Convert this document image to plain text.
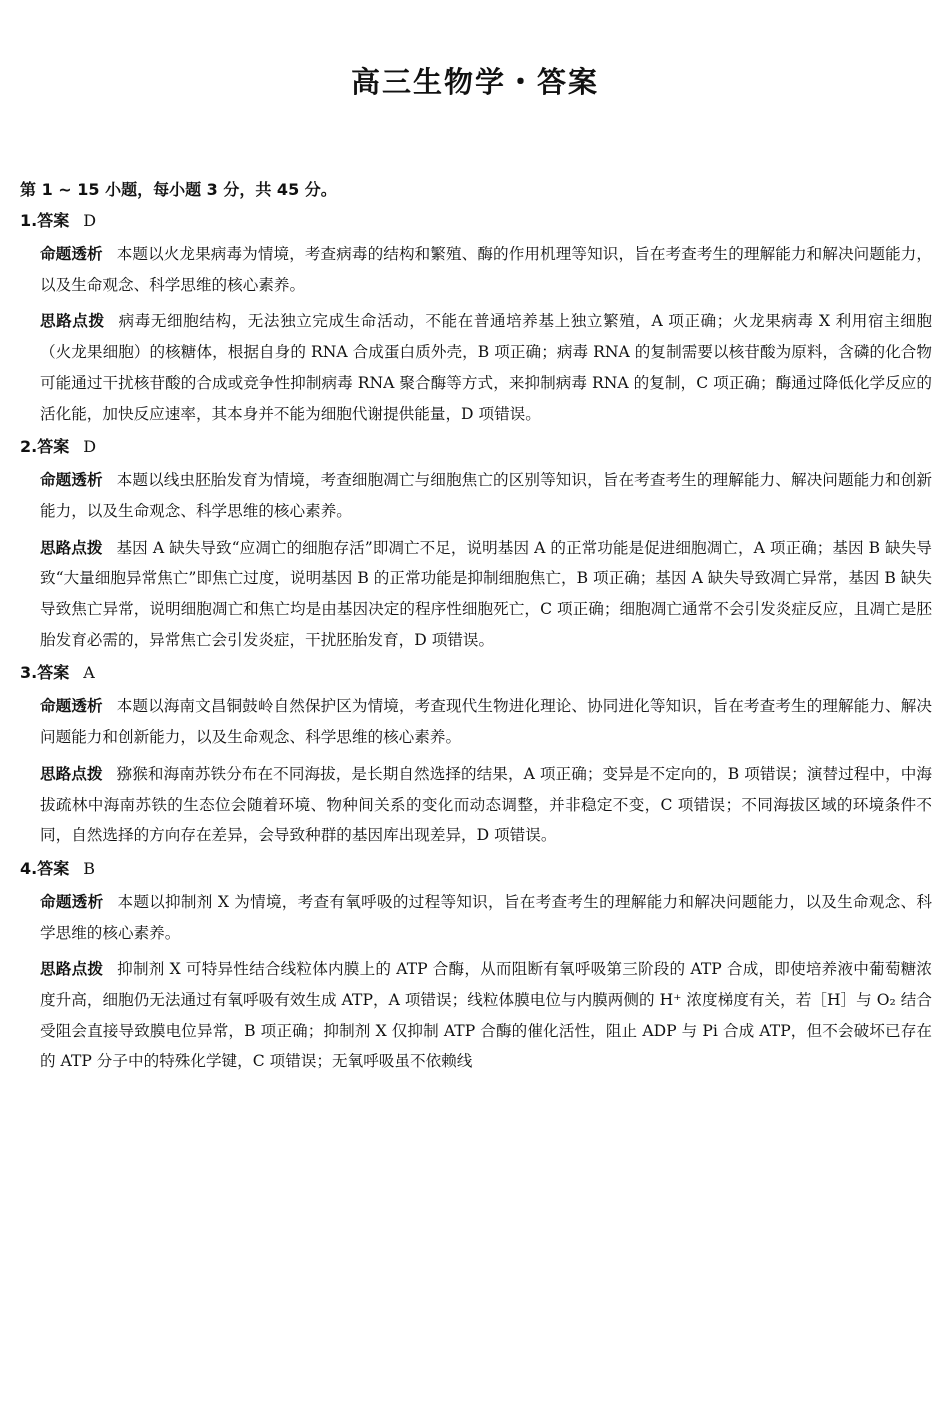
高三生物学・答案
第 1 ~ 15 小题，每小题 3 分，共 45 分。
1.答案 D
命题透析 本题以火龙果病毒为情境，考查病毒的结构和繁殖、酶的作用机理等知识，旨在考查考生的理解能力和解决问题能力，以及生命观念、科学思维的核心素养。
思路点拨 病毒无细胞结构，无法独立完成生命活动，不能在普通培养基上独立繁殖，A 项正确；火龙果病毒 X 利用宿主细胞（火龙果细胞）的核糖体，根据自身的 RNA 合成蛋白质外壳，B 项正确；病毒 RNA 的复制需要以核苷酸为原料，含磷的化合物可能通过干扰核苷酸的合成或竞争性抑制病毒 RNA 聚合酶等方式，来抑制病毒 RNA 的复制，C 项正确；酶通过降低化学反应的活化能，加快反应速率，其本身并不能为细胞代谢提供能量，D 项错误。
2.答案 D
命题透析 本题以线虫胚胎发育为情境，考查细胞凋亡与细胞焦亡的区别等知识，旨在考查考生的理解能力、解决问题能力和创新能力，以及生命观念、科学思维的核心素养。
思路点拨 基因 A 缺失导致“应凋亡的细胞存活”即凋亡不足，说明基因 A 的正常功能是促进细胞凋亡，A 项正确；基因 B 缺失导致“大量细胞异常焦亡”即焦亡过度，说明基因 B 的正常功能是抑制细胞焦亡，B 项正确；基因 A 缺失导致凋亡异常，基因 B 缺失导致焦亡异常，说明细胞凋亡和焦亡均是由基因决定的程序性细胞死亡，C 项正确；细胞凋亡通常不会引发炎症反应，且凋亡是胚胎发育必需的，异常焦亡会引发炎症，干扰胚胎发育，D 项错误。
3.答案 A
命题透析 本题以海南文昌铜鼓岭自然保护区为情境，考查现代生物进化理论、协同进化等知识，旨在考查考生的理解能力、解决问题能力和创新能力，以及生命观念、科学思维的核心素养。
思路点拨 猕猴和海南苏铁分布在不同海拔，是长期自然选择的结果，A 项正确；变异是不定向的，B 项错误；演替过程中，中海拔疏林中海南苏铁的生态位会随着环境、物种间关系的变化而动态调整，并非稳定不变，C 项错误；不同海拔区域的环境条件不同，自然选择的方向存在差异，会导致种群的基因库出现差异，D 项错误。
4.答案 B
命题透析 本题以抑制剂 X 为情境，考查有氧呼吸的过程等知识，旨在考查考生的理解能力和解决问题能力，以及生命观念、科学思维的核心素养。
思路点拨 抑制剂 X 可特异性结合线粒体内膜上的 ATP 合酶，从而阻断有氧呼吸第三阶段的 ATP 合成，即使培养液中葡萄糖浓度升高，细胞仍无法通过有氧呼吸有效生成 ATP，A 项错误；线粒体膜电位与内膜两侧的 H⁺ 浓度梯度有关，若［H］与 O₂ 结合受阻会直接导致膜电位异常，B 项正确；抑制剂 X 仅抑制 ATP 合酶的催化活性，阻止 ADP 与 Pi 合成 ATP，但不会破坏已存在的 ATP 分子中的特殊化学键，C 项错误；无氧呼吸虽不依赖线
